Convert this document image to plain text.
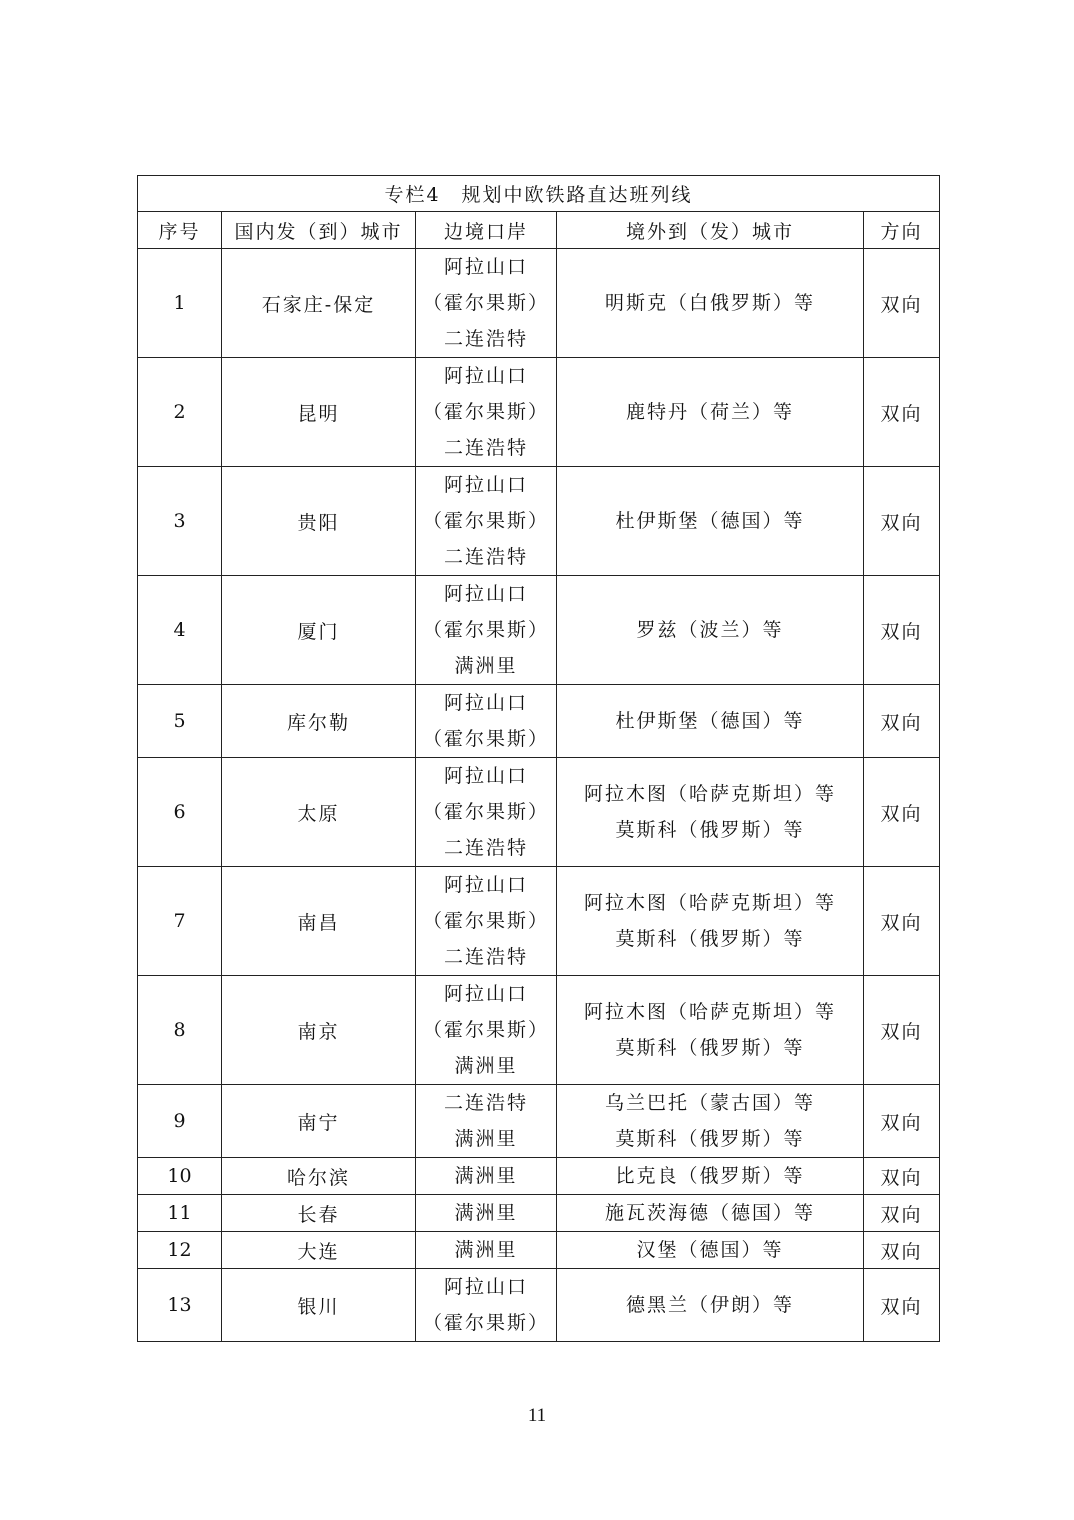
专栏4　规划中欧铁路直达班列线				
序号	国内发（到）城市	边境口岸	境外到（发）城市	方向
1	石家庄-保定	阿拉山口
（霍尔果斯）
二连浩特	明斯克（白俄罗斯）等	双向
2	昆明	阿拉山口
（霍尔果斯）
二连浩特	鹿特丹（荷兰）等	双向
3	贵阳	阿拉山口
（霍尔果斯）
二连浩特	杜伊斯堡（德国）等	双向
4	厦门	阿拉山口
（霍尔果斯）
满洲里	罗兹（波兰）等	双向
5	库尔勒	阿拉山口
（霍尔果斯）	杜伊斯堡（德国）等	双向
6	太原	阿拉山口
（霍尔果斯）
二连浩特	阿拉木图（哈萨克斯坦）等
莫斯科（俄罗斯）等	双向
7	南昌	阿拉山口
（霍尔果斯）
二连浩特	阿拉木图（哈萨克斯坦）等
莫斯科（俄罗斯）等	双向
8	南京	阿拉山口
（霍尔果斯）
满洲里	阿拉木图（哈萨克斯坦）等
莫斯科（俄罗斯）等	双向
9	南宁	二连浩特
满洲里	乌兰巴托（蒙古国）等
莫斯科（俄罗斯）等	双向
10	哈尔滨	满洲里	比克良（俄罗斯）等	双向
11	长春	满洲里	施瓦茨海德（德国）等	双向
12	大连	满洲里	汉堡（德国）等	双向
13	银川	阿拉山口
（霍尔果斯）	德黑兰（伊朗）等	双向
11
